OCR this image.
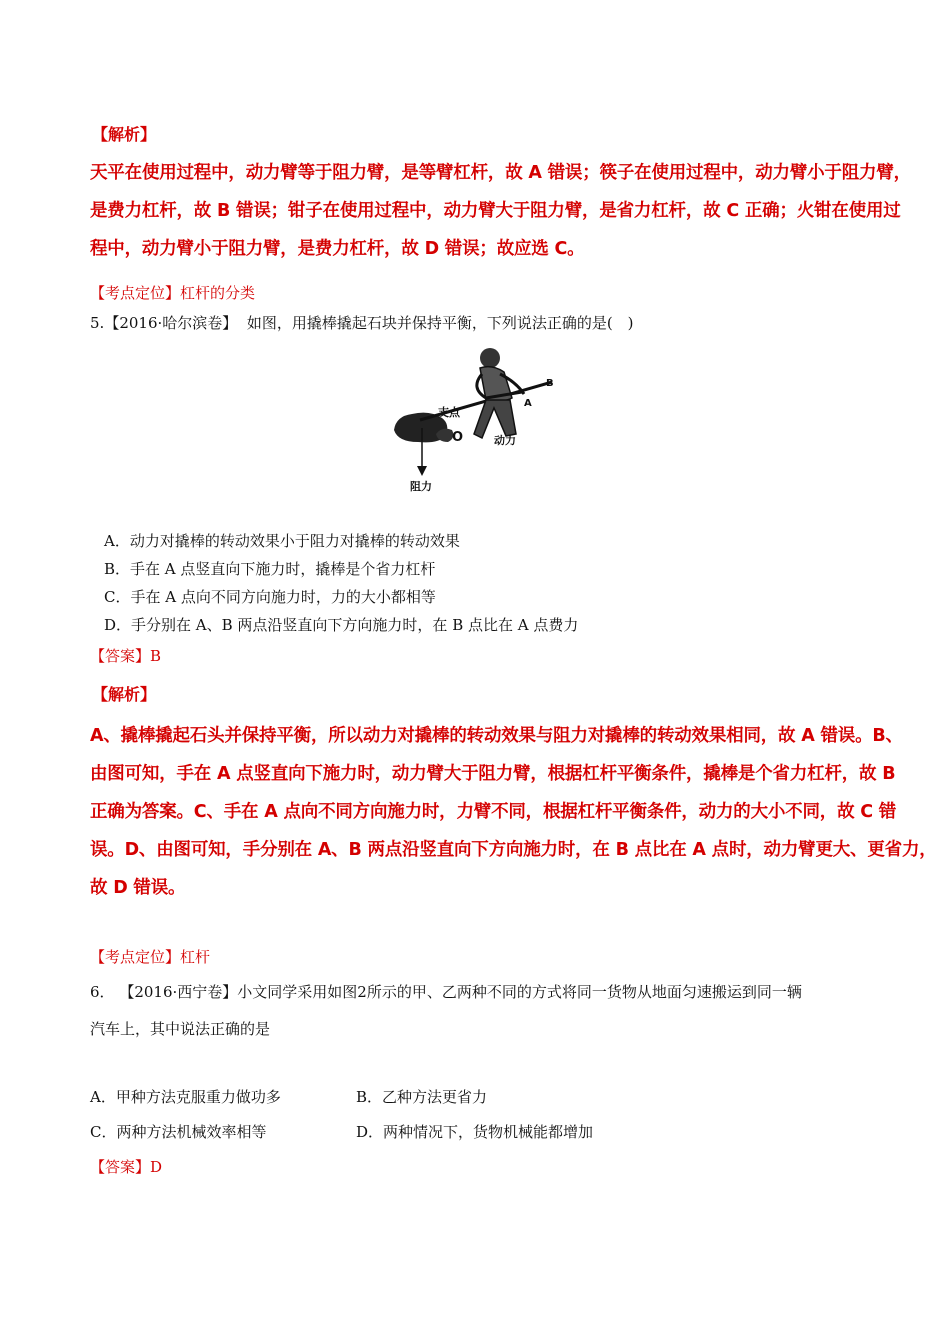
【解析】
天平在使用过程中，动力臂等于阻力臂，是等臂杠杆，故 A 错误；筷子在使用过程中，动力臂小于阻力臂，
是费力杠杆，故 B 错误；钳子在使用过程中，动力臂大于阻力臂，是省力杠杆，故 C 正确；火钳在使用过
程中，动力臂小于阻力臂，是费力杠杆，故 D 错误；故应选 C。
【考点定位】杠杆的分类
5.【2016·哈尔滨卷】 如图，用撬棒撬起石块并保持平衡，下列说法正确的是(　)
支点
O
A
B
动力
阻力
A．动力对撬棒的转动效果小于阻力对撬棒的转动效果
B．手在 A 点竖直向下施力时，撬棒是个省力杠杆
C．手在 A 点向不同方向施力时，力的大小都相等
D．手分别在 A、B 两点沿竖直向下方向施力时，在 B 点比在 A 点费力
【答案】B
【解析】
A、撬棒撬起石头并保持平衡，所以动力对撬棒的转动效果与阻力对撬棒的转动效果相同，故 A 错误。B、
由图可知，手在 A 点竖直向下施力时，动力臂大于阻力臂，根据杠杆平衡条件，撬棒是个省力杠杆，故 B
正确为答案。C、手在 A 点向不同方向施力时，力臂不同，根据杠杆平衡条件，动力的大小不同，故 C 错
误。D、由图可知，手分别在 A、B 两点沿竖直向下方向施力时，在 B 点比在 A 点时，动力臂更大、更省力，
故 D 错误。
【考点定位】杠杆
6． 【2016·西宁卷】小文同学采用如图2所示的甲、乙两种不同的方式将同一货物从地面匀速搬运到同一辆
汽车上，其中说法正确的是
A．甲种方法克服重力做功多	B．乙种方法更省力
C．两种方法机械效率相等	D．两种情况下，货物机械能都增加
【答案】D
